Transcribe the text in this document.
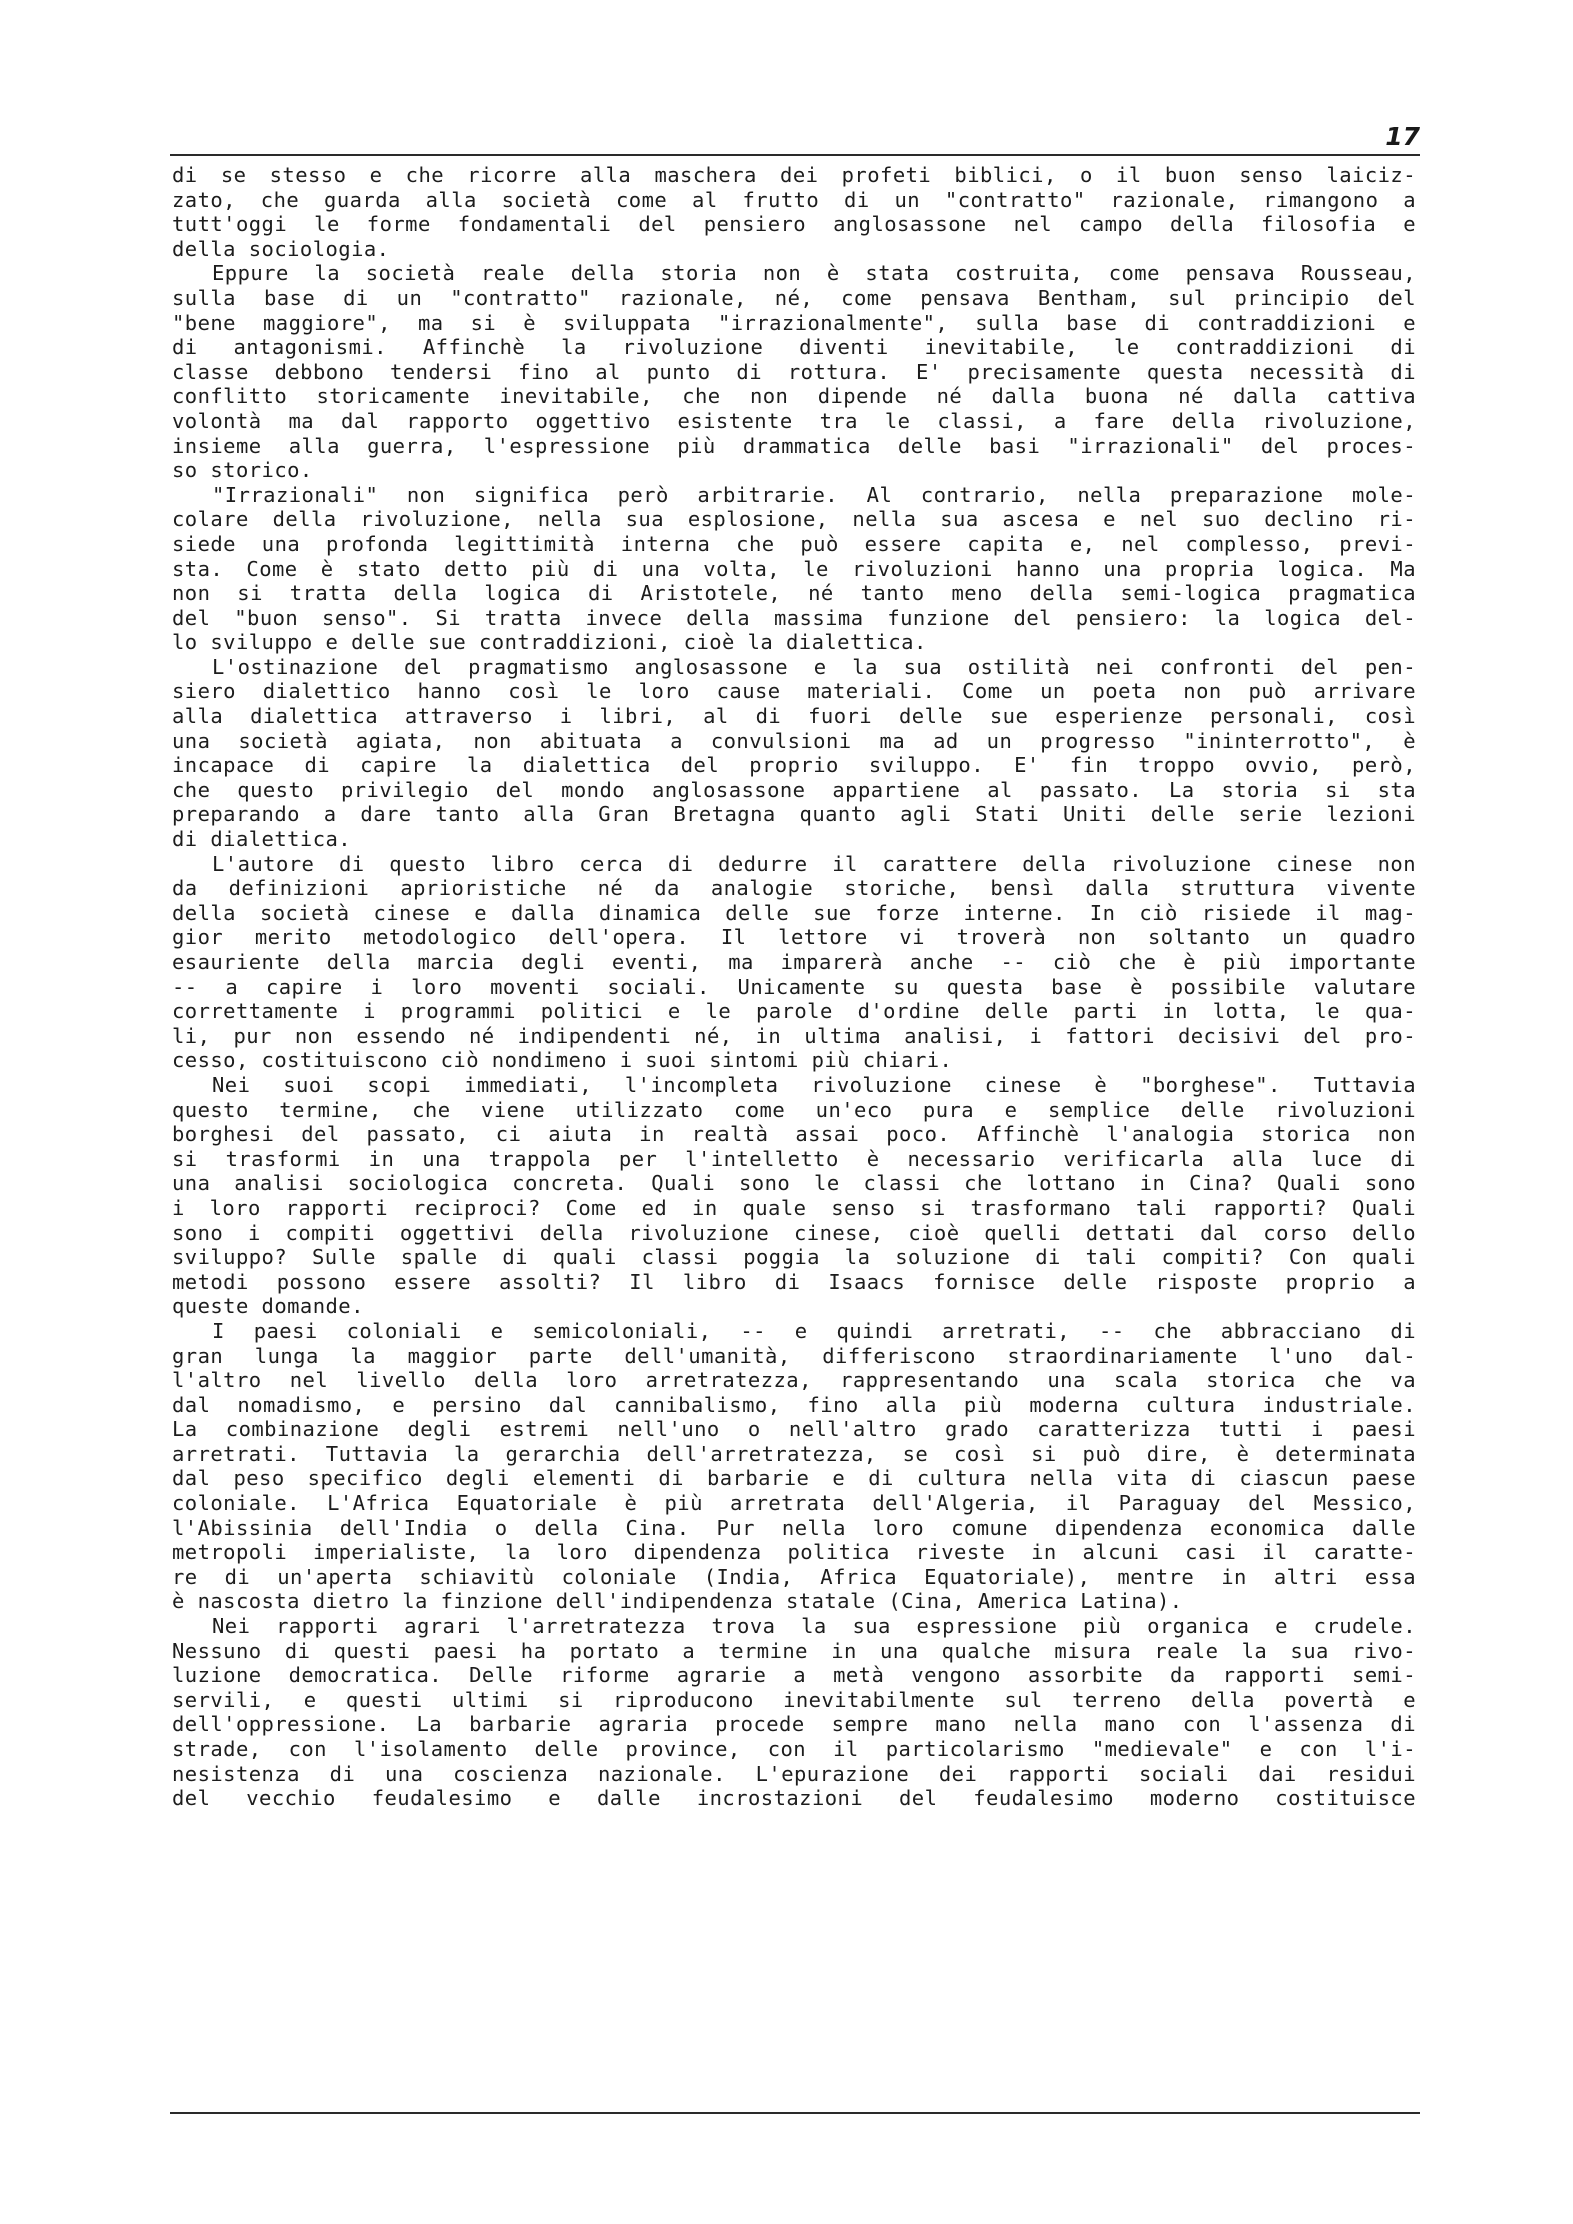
17
di se stesso e che ricorre alla maschera dei profeti biblici, o il buon senso laiciz-
zato, che guarda alla società come al frutto di un "contratto" razionale, rimangono a
tutt'oggi le forme fondamentali del pensiero anglosassone nel campo della filosofia e
della sociologia.
Eppure la società reale della storia non è stata costruita, come pensava Rousseau,
sulla base di un "contratto" razionale, né, come pensava Bentham, sul principio del
"bene maggiore", ma si è sviluppata "irrazionalmente", sulla base di contraddizioni e
di antagonismi. Affinchè la rivoluzione diventi inevitabile, le contraddizioni di
classe debbono tendersi fino al punto di rottura. E' precisamente questa necessità di
conflitto storicamente inevitabile, che non dipende né dalla buona né dalla cattiva
volontà ma dal rapporto oggettivo esistente tra le classi, a fare della rivoluzione,
insieme alla guerra, l'espressione più drammatica delle basi "irrazionali" del proces-
so storico.
"Irrazionali" non significa però arbitrarie. Al contrario, nella preparazione mole-
colare della rivoluzione, nella sua esplosione, nella sua ascesa e nel suo declino ri-
siede una profonda legittimità interna che può essere capita e, nel complesso, previ-
sta. Come è stato detto più di una volta, le rivoluzioni hanno una propria logica. Ma
non si tratta della logica di Aristotele, né tanto meno della semi-logica pragmatica
del "buon senso". Si tratta invece della massima funzione del pensiero: la logica del-
lo sviluppo e delle sue contraddizioni, cioè la dialettica.
L'ostinazione del pragmatismo anglosassone e la sua ostilità nei confronti del pen-
siero dialettico hanno così le loro cause materiali. Come un poeta non può arrivare
alla dialettica attraverso i libri, al di fuori delle sue esperienze personali, così
una società agiata, non abituata a convulsioni ma ad un progresso "ininterrotto", è
incapace di capire la dialettica del proprio sviluppo. E' fin troppo ovvio, però,
che questo privilegio del mondo anglosassone appartiene al passato. La storia si sta
preparando a dare tanto alla Gran Bretagna quanto agli Stati Uniti delle serie lezioni
di dialettica.
L'autore di questo libro cerca di dedurre il carattere della rivoluzione cinese non
da definizioni aprioristiche né da analogie storiche, bensì dalla struttura vivente
della società cinese e dalla dinamica delle sue forze interne. In ciò risiede il mag-
gior merito metodologico dell'opera. Il lettore vi troverà non soltanto un quadro
esauriente della marcia degli eventi, ma imparerà anche -- ciò che è più importante
-- a capire i loro moventi sociali. Unicamente su questa base è possibile valutare
correttamente i programmi politici e le parole d'ordine delle parti in lotta, le qua-
li, pur non essendo né indipendenti né, in ultima analisi, i fattori decisivi del pro-
cesso, costituiscono ciò nondimeno i suoi sintomi più chiari.
Nei suoi scopi immediati, l'incompleta rivoluzione cinese è "borghese". Tuttavia
questo termine, che viene utilizzato come un'eco pura e semplice delle rivoluzioni
borghesi del passato, ci aiuta in realtà assai poco. Affinchè l'analogia storica non
si trasformi in una trappola per l'intelletto è necessario verificarla alla luce di
una analisi sociologica concreta. Quali sono le classi che lottano in Cina? Quali sono
i loro rapporti reciproci? Come ed in quale senso si trasformano tali rapporti? Quali
sono i compiti oggettivi della rivoluzione cinese, cioè quelli dettati dal corso dello
sviluppo? Sulle spalle di quali classi poggia la soluzione di tali compiti? Con quali
metodi possono essere assolti? Il libro di Isaacs fornisce delle risposte proprio a
queste domande.
I paesi coloniali e semicoloniali, -- e quindi arretrati, -- che abbracciano di
gran lunga la maggior parte dell'umanità, differiscono straordinariamente l'uno dal-
l'altro nel livello della loro arretratezza, rappresentando una scala storica che va
dal nomadismo, e persino dal cannibalismo, fino alla più moderna cultura industriale.
La combinazione degli estremi nell'uno o nell'altro grado caratterizza tutti i paesi
arretrati. Tuttavia la gerarchia dell'arretratezza, se così si può dire, è determinata
dal peso specifico degli elementi di barbarie e di cultura nella vita di ciascun paese
coloniale. L'Africa Equatoriale è più arretrata dell'Algeria, il Paraguay del Messico,
l'Abissinia dell'India o della Cina. Pur nella loro comune dipendenza economica dalle
metropoli imperialiste, la loro dipendenza politica riveste in alcuni casi il caratte-
re di un'aperta schiavitù coloniale (India, Africa Equatoriale), mentre in altri essa
è nascosta dietro la finzione dell'indipendenza statale (Cina, America Latina).
Nei rapporti agrari l'arretratezza trova la sua espressione più organica e crudele.
Nessuno di questi paesi ha portato a termine in una qualche misura reale la sua rivo-
luzione democratica. Delle riforme agrarie a metà vengono assorbite da rapporti semi-
servili, e questi ultimi si riproducono inevitabilmente sul terreno della povertà e
dell'oppressione. La barbarie agraria procede sempre mano nella mano con l'assenza di
strade, con l'isolamento delle province, con il particolarismo "medievale" e con l'i-
nesistenza di una coscienza nazionale. L'epurazione dei rapporti sociali dai residui
del vecchio feudalesimo e dalle incrostazioni del feudalesimo moderno costituisce
